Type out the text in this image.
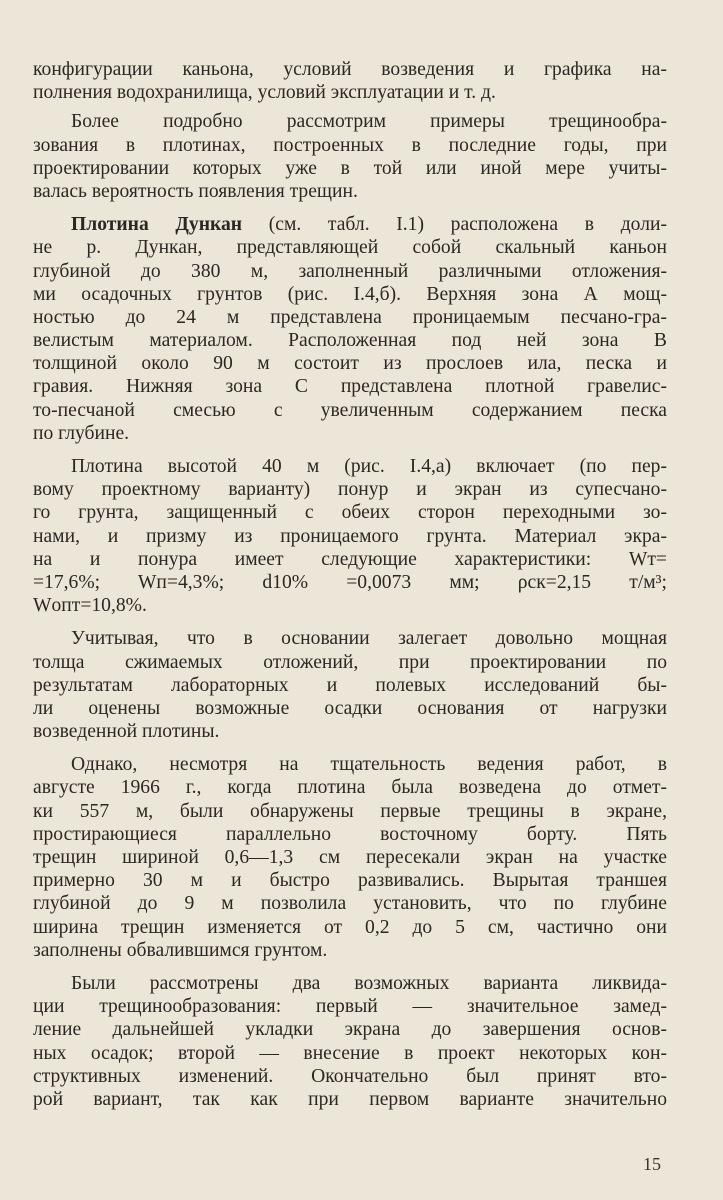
конфигурации каньона, условий возведения и графика на-
полнения водохранилища, условий эксплуатации и т. д.
Более подробно рассмотрим примеры трещинообра-
зования в плотинах, построенных в последние годы, при
проектировании которых уже в той или иной мере учиты-
валась вероятность появления трещин.
Плотина Дункан (см. табл. I.1) расположена в доли-
не р. Дункан, представляющей собой скальный каньон
глубиной до 380 м, заполненный различными отложения-
ми осадочных грунтов (рис. I.4,б). Верхняя зона А мощ-
ностью до 24 м представлена проницаемым песчано-гра-
велистым материалом. Расположенная под ней зона В
толщиной около 90 м состоит из прослоев ила, песка и
гравия. Нижняя зона С представлена плотной гравелис-
то-песчаной смесью с увеличенным содержанием песка
по глубине.
Плотина высотой 40 м (рис. I.4,а) включает (по пер-
вому проектному варианту) понур и экран из супесчано-
го грунта, защищенный с обеих сторон переходными зо-
нами, и призму из проницаемого грунта. Материал экра-
на и понура имеет следующие характеристики: Wт=
=17,6%; Wп=4,3%; d10% =0,0073 мм; ρск=2,15 т/м³;
Wопт=10,8%.
Учитывая, что в основании залегает довольно мощная
толща сжимаемых отложений, при проектировании по
результатам лабораторных и полевых исследований бы-
ли оценены возможные осадки основания от нагрузки
возведенной плотины.
Однако, несмотря на тщательность ведения работ, в
августе 1966 г., когда плотина была возведена до отмет-
ки 557 м, были обнаружены первые трещины в экране,
простирающиеся параллельно восточному борту. Пять
трещин шириной 0,6—1,3 см пересекали экран на участке
примерно 30 м и быстро развивались. Вырытая траншея
глубиной до 9 м позволила установить, что по глубине
ширина трещин изменяется от 0,2 до 5 см, частично они
заполнены обвалившимся грунтом.
Были рассмотрены два возможных варианта ликвида-
ции трещинообразования: первый — значительное замед-
ление дальнейшей укладки экрана до завершения основ-
ных осадок; второй — внесение в проект некоторых кон-
структивных изменений. Окончательно был принят вто-
рой вариант, так как при первом варианте значительно
15
